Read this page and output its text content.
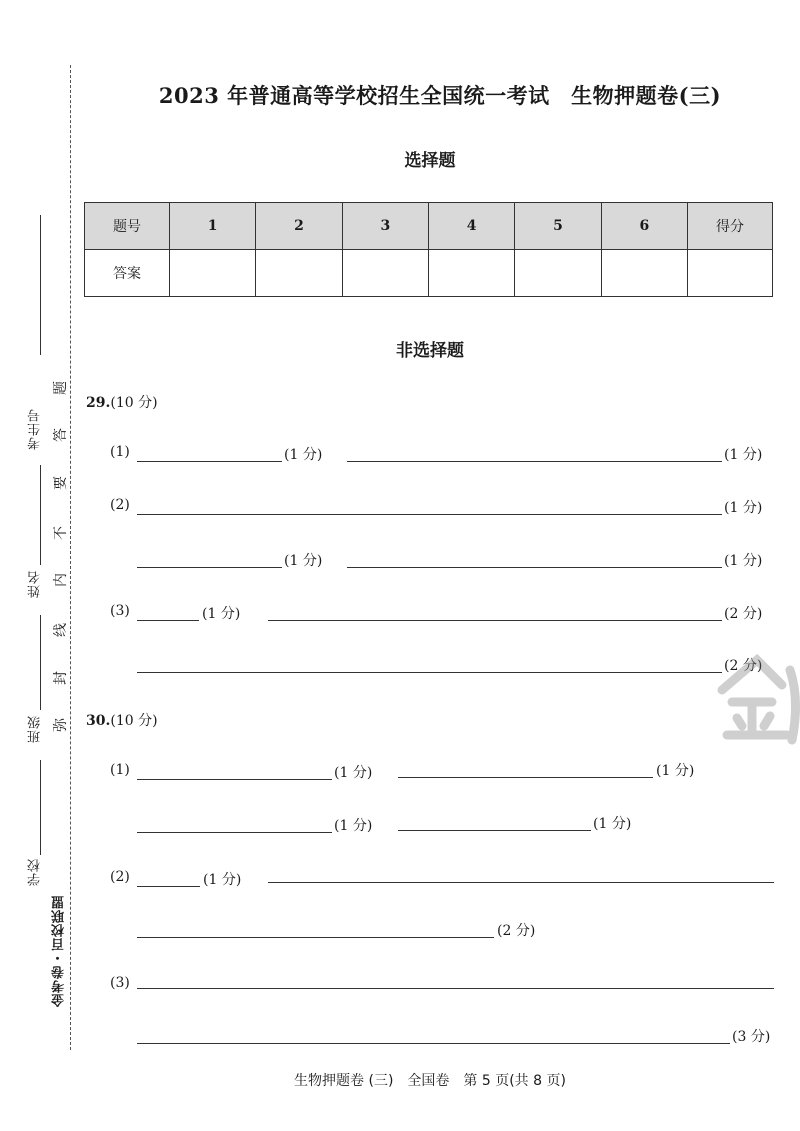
考生号
姓名
班级
学校
题
答
要
不
内
线
封
弥
金考卷・百校联盟
2023 年普通高等学校招生全国统一考试　生物押题卷(三)
选择题
题号	1	2	3	4	5	6	得分
答案							
非选择题
29.(10 分)
(1)	(1 分)	(1 分)
(2)	(1 分)
(1 分)	(1 分)
(3)	(1 分)	(2 分)
(2 分)
30.(10 分)
(1)	(1 分)	(1 分)
(1 分)	(1 分)
(2)	(1 分)
(2 分)
(3)
(3 分)
生物押题卷 (三)　全国卷　第 5 页(共 8 页)
